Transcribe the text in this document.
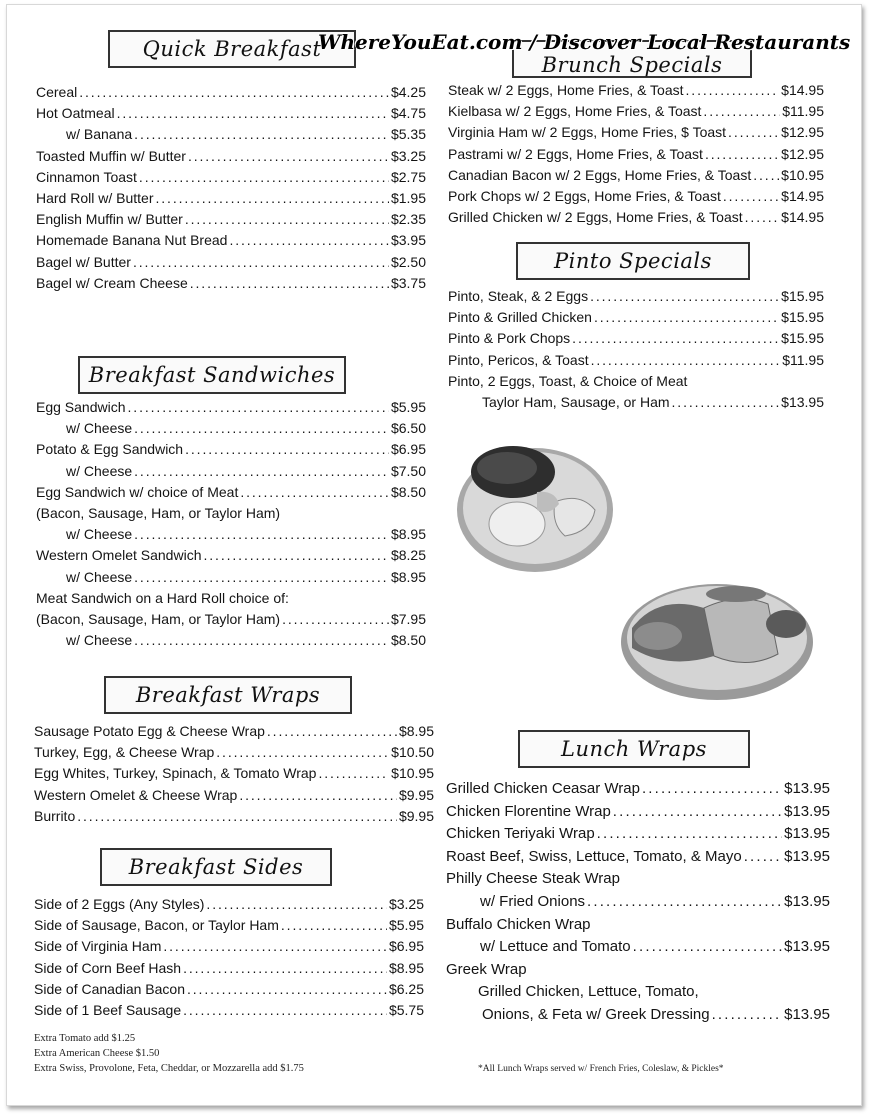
WhereYouEat.com / Discover Local Restaurants
Quick Breakfast
Cereal . . .	$4.25
Hot Oatmeal . . .	$4.75
w/ Banana . . .	$5.35
Toasted Muffin w/ Butter . . .	$3.25
Cinnamon Toast . . .	$2.75
Hard Roll w/ Butter . . .	$1.95
English Muffin w/ Butter . . .	$2.35
Homemade Banana Nut Bread . . .	$3.95
Bagel w/ Butter . . .	$2.50
Bagel w/ Cream Cheese . . .	$3.75
Breakfast Sandwiches
Egg Sandwich . . .	$5.95
w/ Cheese . . .	$6.50
Potato & Egg Sandwich . . .	$6.95
w/ Cheese . . .	$7.50
Egg Sandwich w/ choice of Meat . . .	$8.50
(Bacon, Sausage, Ham, or Taylor Ham)
w/ Cheese . . .	$8.95
Western Omelet Sandwich . . .	$8.25
w/ Cheese . . .	$8.95
Meat Sandwich on a Hard Roll choice of:
(Bacon, Sausage, Ham, or Taylor Ham) . . .	$7.95
w/ Cheese . . .	$8.50
Breakfast Wraps
Sausage Potato Egg & Cheese Wrap . . .	$8.95
Turkey, Egg, & Cheese Wrap . . .	$10.50
Egg Whites, Turkey, Spinach, & Tomato Wrap . . .	$10.95
Western Omelet & Cheese Wrap . . .	$9.95
Burrito . . .	$9.95
Breakfast Sides
Side of 2 Eggs (Any Styles) . . .	$3.25
Side of Sausage, Bacon, or Taylor Ham . . .	$5.95
Side of Virginia Ham . . .	$6.95
Side of Corn Beef Hash . . .	$8.95
Side of Canadian Bacon . . .	$6.25
Side of 1 Beef Sausage . . .	$5.75
Extra Tomato add $1.25
Extra American Cheese $1.50
Extra Swiss, Provolone, Feta, Cheddar, or Mozzarella add $1.75
Brunch Specials
Steak w/ 2 Eggs, Home Fries, & Toast . . .	$14.95
Kielbasa w/ 2 Eggs, Home Fries, & Toast . . .	$11.95
Virginia Ham w/ 2 Eggs, Home Fries, $ Toast . . .	$12.95
Pastrami w/ 2 Eggs, Home Fries, & Toast . . .	$12.95
Canadian Bacon w/ 2 Eggs, Home Fries, & Toast . . . $10.95
Pork Chops w/ 2 Eggs, Home Fries, & Toast . . .	$14.95
Grilled Chicken w/ 2 Eggs, Home Fries, & Toast . . .	$14.95
Pinto Specials
Pinto, Steak, & 2 Eggs . . .	$15.95
Pinto & Grilled Chicken . . .	$15.95
Pinto & Pork Chops . . .	$15.95
Pinto, Pericos, & Toast . . .	$11.95
Pinto, 2 Eggs, Toast, & Choice of Meat
Taylor Ham, Sausage, or Ham . . .	$13.95
Lunch Wraps
Grilled Chicken Ceasar Wrap . . .	$13.95
Chicken Florentine Wrap . . .	$13.95
Chicken Teriyaki Wrap . . .	$13.95
Roast Beef, Swiss, Lettuce, Tomato, & Mayo . . .	$13.95
Philly Cheese Steak Wrap
w/ Fried Onions . . .	$13.95
Buffalo Chicken Wrap
w/ Lettuce and Tomato . . .	$13.95
Greek Wrap
Grilled Chicken, Lettuce, Tomato,
Onions, & Feta w/ Greek Dressing . . .	$13.95
*All Lunch Wraps served w/ French Fries, Coleslaw, & Pickles*
